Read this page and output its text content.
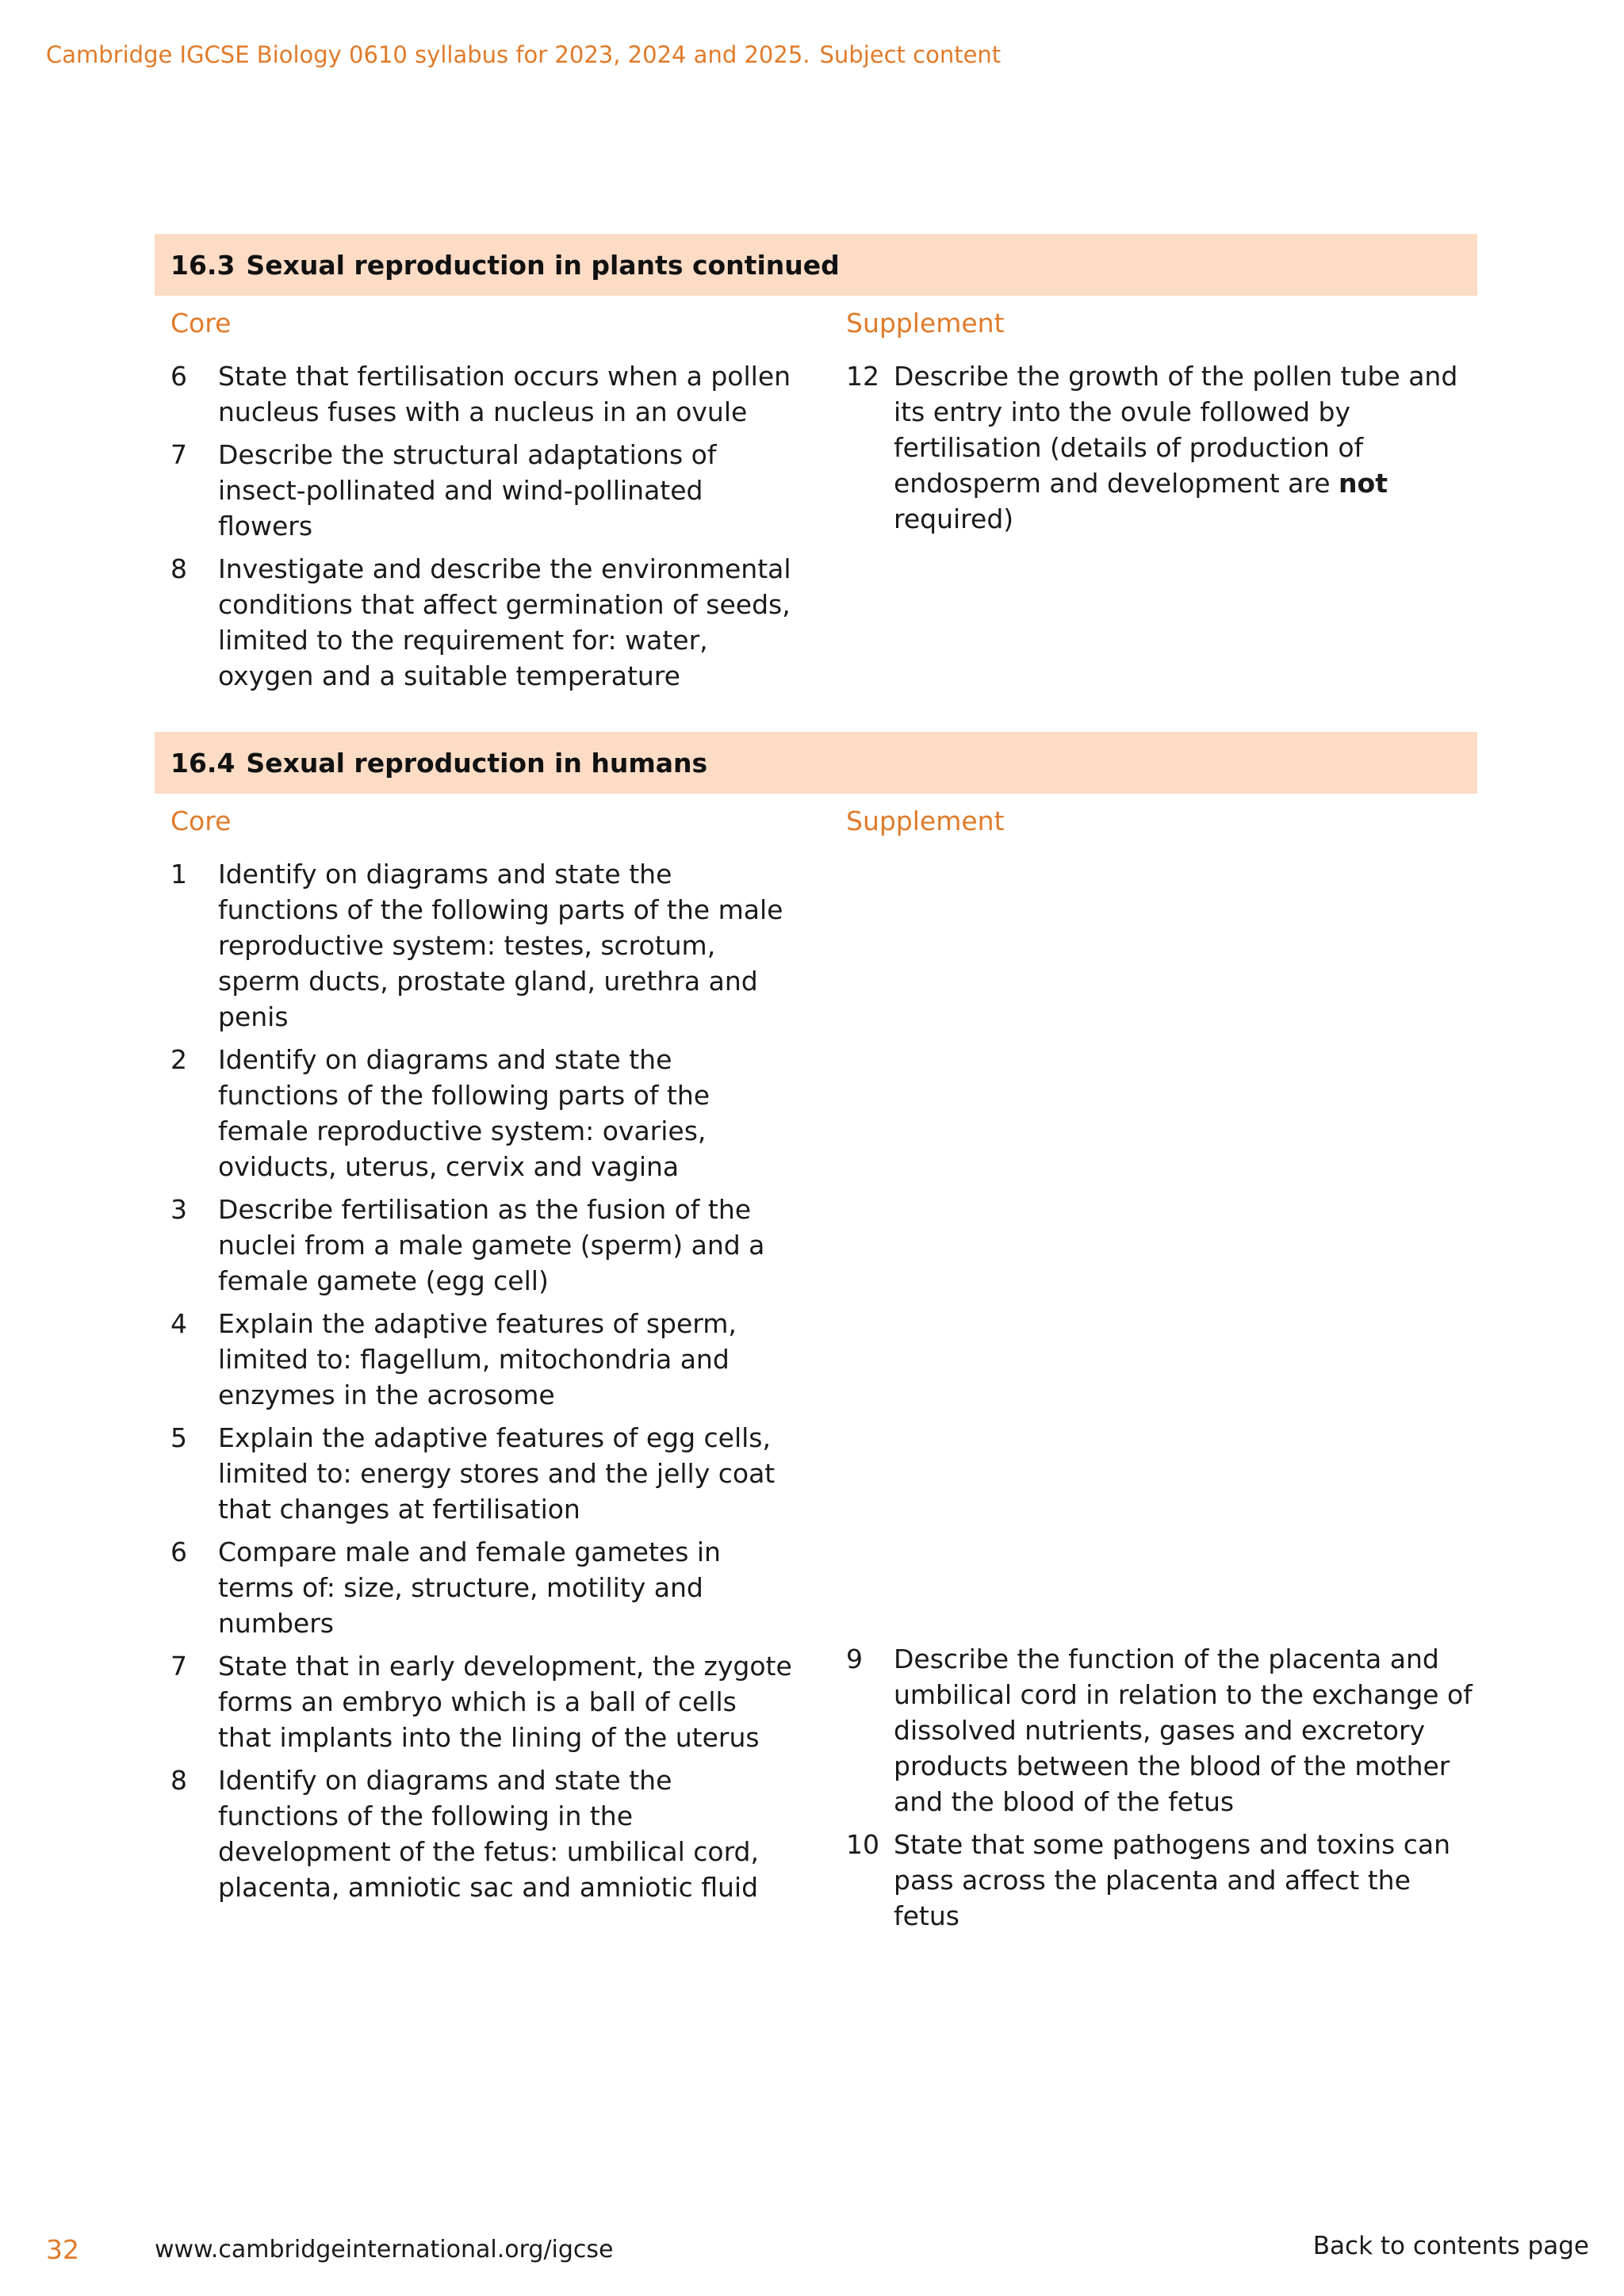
Cambridge IGCSE Biology 0610 syllabus for 2023, 2024 and 2025. Subject content
16.3 Sexual reproduction in plants continued
Core
6	State that fertilisation occurs when a pollen nucleus fuses with a nucleus in an ovule
7	Describe the structural adaptations of insect-pollinated and wind-pollinated flowers
8	Investigate and describe the environmental conditions that affect germination of seeds, limited to the requirement for: water, oxygen and a suitable temperature
Supplement
12 Describe the growth of the pollen tube and its entry into the ovule followed by fertilisation (details of production of endosperm and development are not required)
16.4 Sexual reproduction in humans
Core
1	Identify on diagrams and state the functions of the following parts of the male reproductive system: testes, scrotum, sperm ducts, prostate gland, urethra and penis
2	Identify on diagrams and state the functions of the following parts of the female reproductive system: ovaries, oviducts, uterus, cervix and vagina
3	Describe fertilisation as the fusion of the nuclei from a male gamete (sperm) and a female gamete (egg cell)
4	Explain the adaptive features of sperm, limited to: flagellum, mitochondria and enzymes in the acrosome
5	Explain the adaptive features of egg cells, limited to: energy stores and the jelly coat that changes at fertilisation
6	Compare male and female gametes in terms of: size, structure, motility and numbers
7	State that in early development, the zygote forms an embryo which is a ball of cells that implants into the lining of the uterus
8	Identify on diagrams and state the functions of the following in the development of the fetus: umbilical cord, placenta, amniotic sac and amniotic fluid
Supplement
9	Describe the function of the placenta and umbilical cord in relation to the exchange of dissolved nutrients, gases and excretory products between the blood of the mother and the blood of the fetus
10 State that some pathogens and toxins can pass across the placenta and affect the fetus
32	www.cambridgeinternational.org/igcse	Back to contents page
